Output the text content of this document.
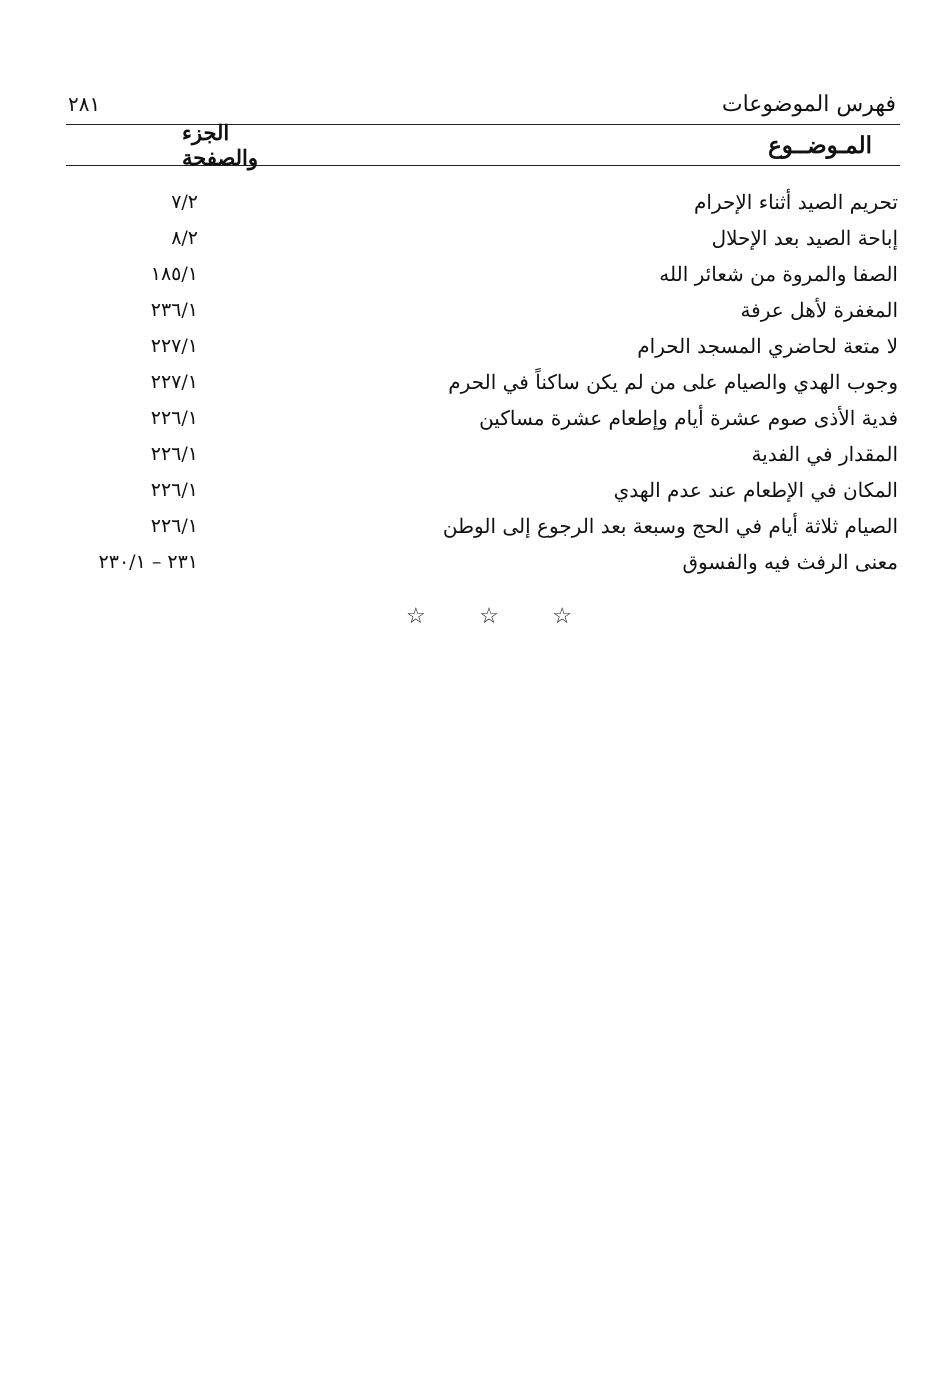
فهرس الموضوعات
٢٨١
المـوضــوع
الجزء والصفحة
تحريم الصيد أثناء الإحرام
٧/٢
إباحة الصيد بعد الإحلال
٨/٢
الصفا والمروة من شعائر الله
١٨٥/١
المغفرة لأهل عرفة
٢٣٦/١
لا متعة لحاضري المسجد الحرام
٢٢٧/١
وجوب الهدي والصيام على من لم يكن ساكناً في الحرم
٢٢٧/١
فدية الأذى صوم عشرة أيام وإطعام عشرة مساكين
٢٢٦/١
المقدار في الفدية
٢٢٦/١
المكان في الإطعام عند عدم الهدي
٢٢٦/١
الصيام ثلاثة أيام في الحج وسبعة بعد الرجوع إلى الوطن
٢٢٦/١
معنى الرفث فيه والفسوق
٢٣١ – ٢٣٠/١
☆
☆
☆
